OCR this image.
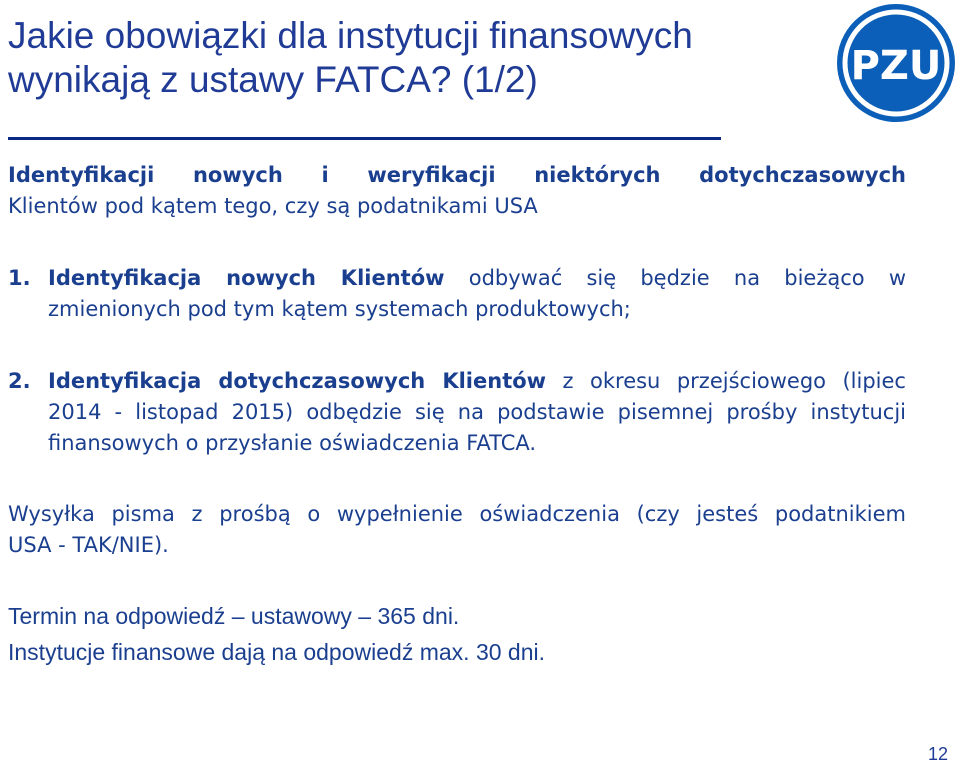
Jakie obowiązki dla instytucji finansowych
wynikają z ustawy FATCA? (1/2)	PZU
Identyfikacji nowych i weryfikacji niektórych dotychczasowych
Klientów pod kątem tego, czy są podatnikami USA
1. Identyfikacja nowych Klientów odbywać się będzie na bieżąco w
zmienionych pod tym kątem systemach produktowych;
2. Identyfikacja dotychczasowych Klientów z okresu przejściowego (lipiec
2014 - listopad 2015) odbędzie się na podstawie pisemnej prośby instytucji
finansowych o przysłanie oświadczenia FATCA.
Wysyłka pisma z prośbą o wypełnienie oświadczenia (czy jesteś podatnikiem
USA - TAK/NIE).
Termin na odpowiedź – ustawowy – 365 dni.
Instytucje finansowe dają na odpowiedź max. 30 dni.
12
